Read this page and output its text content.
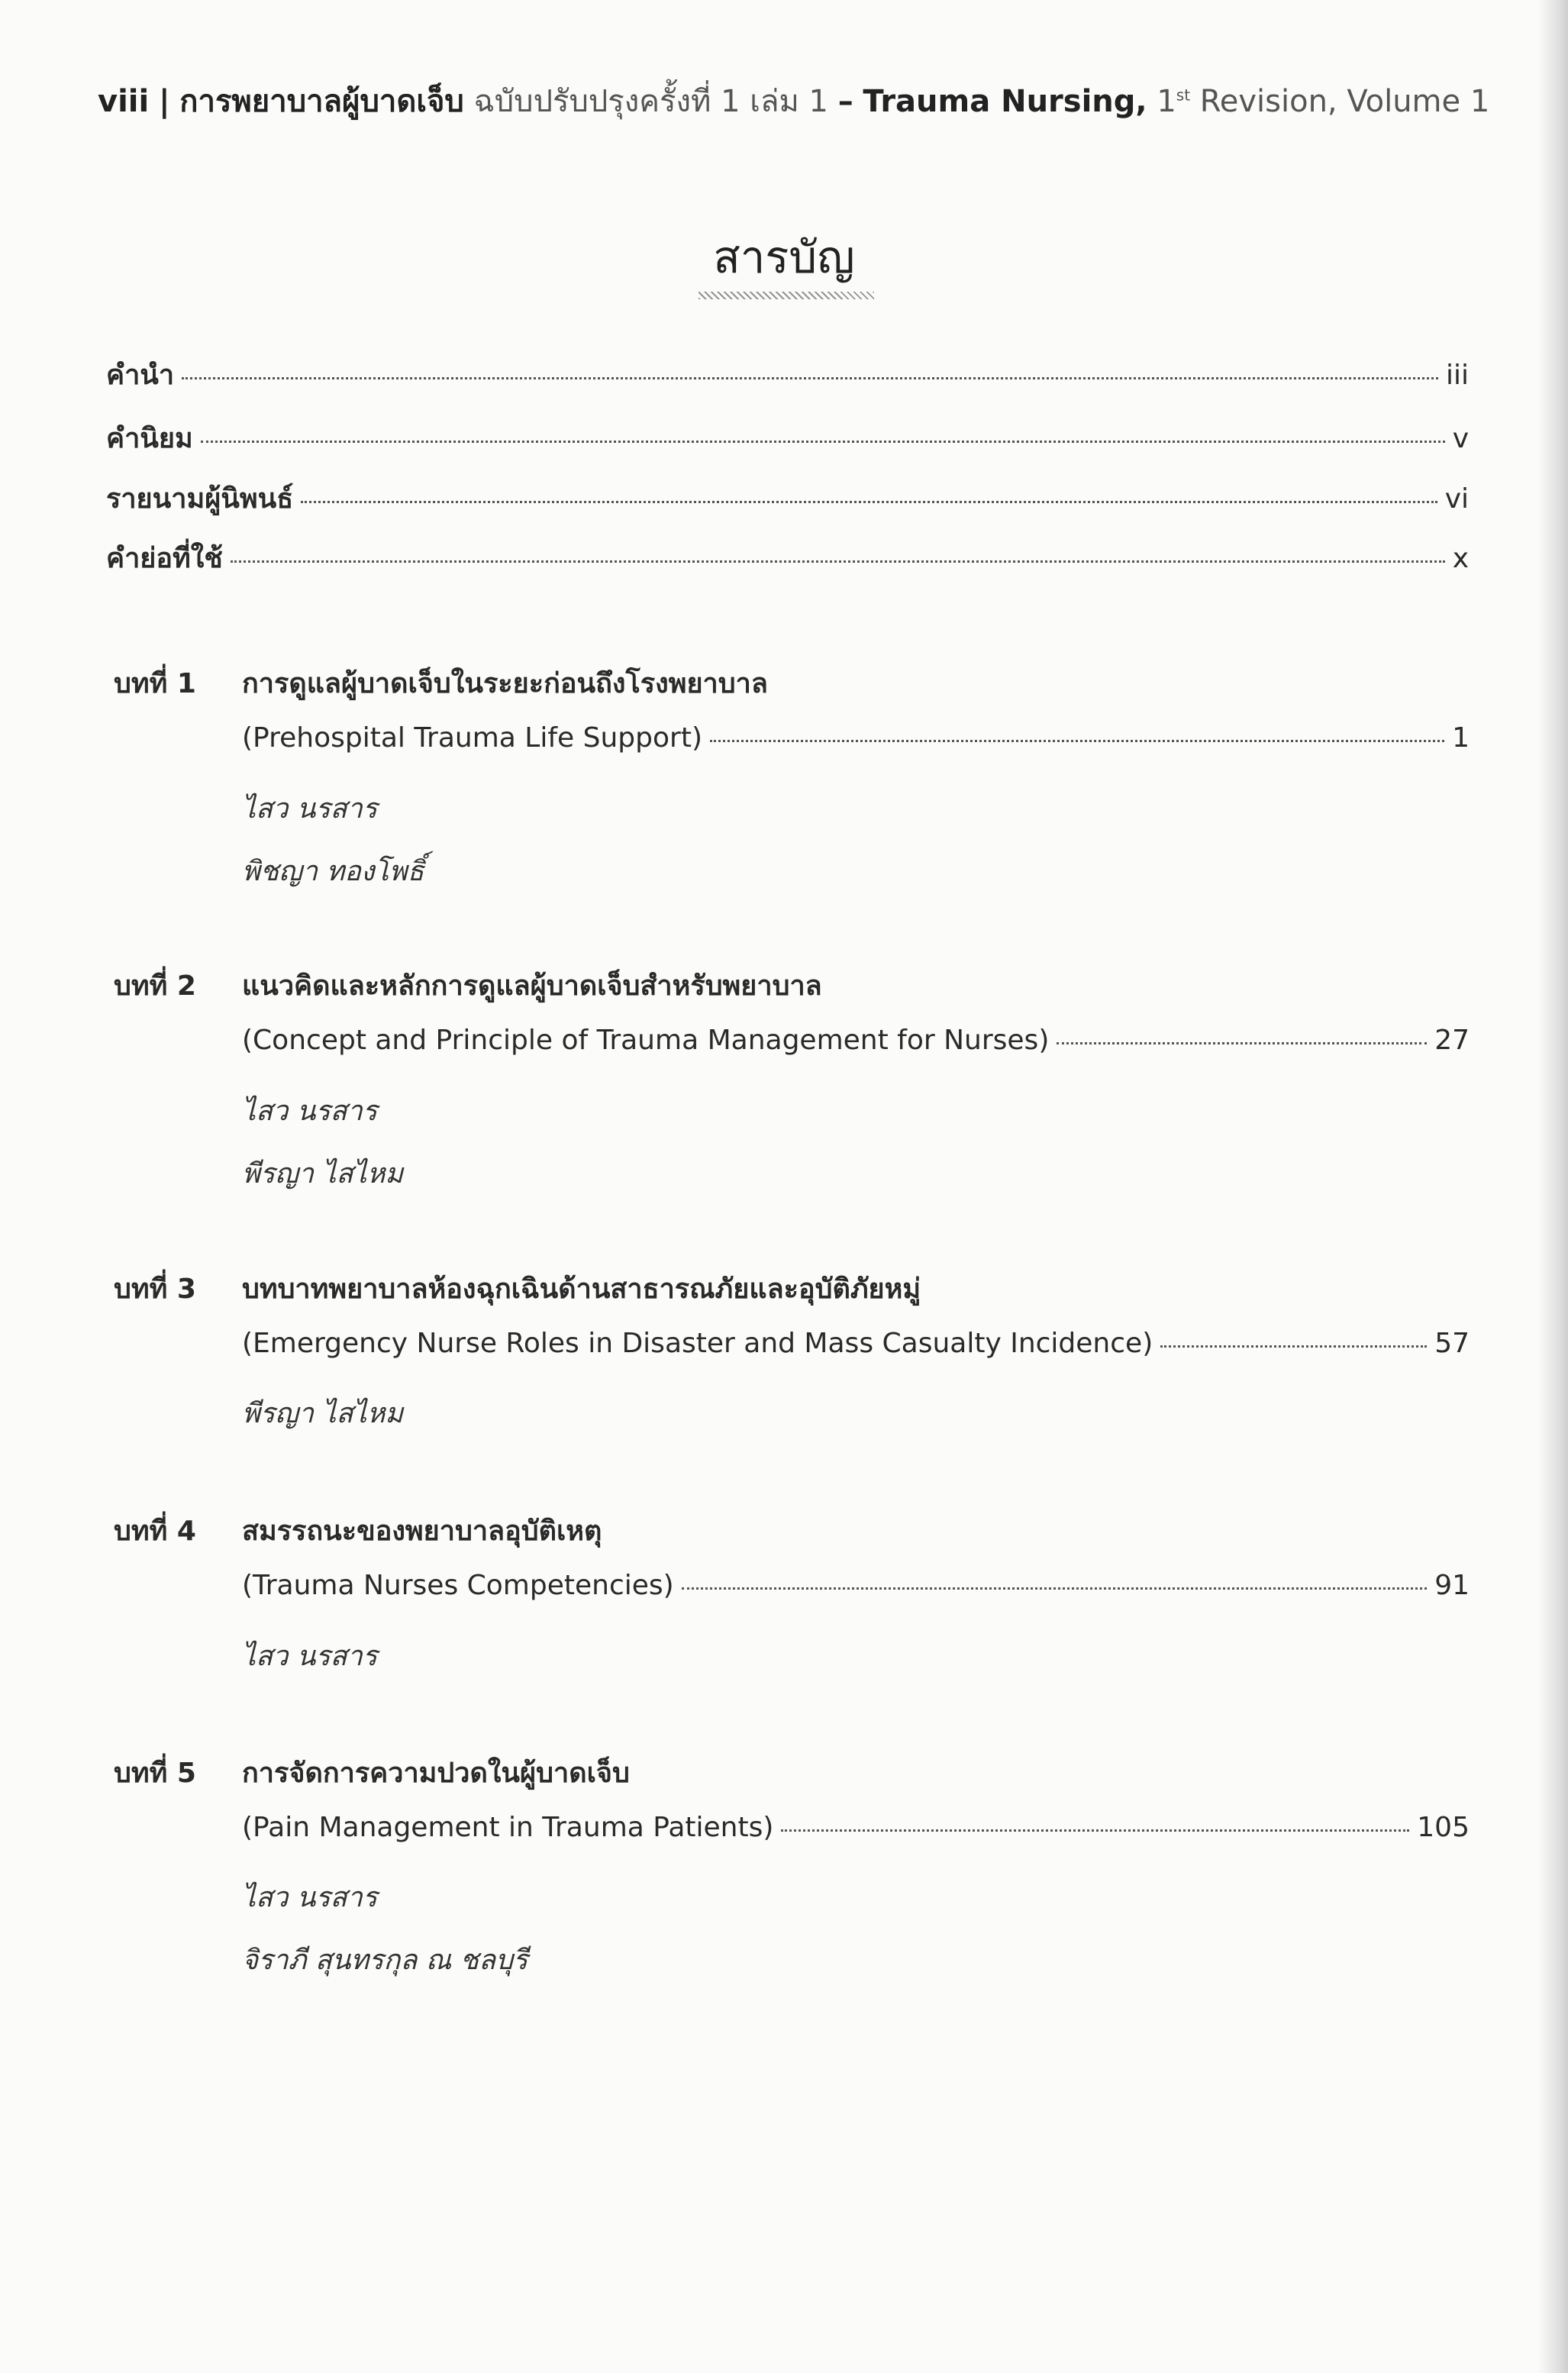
viii | การพยาบาลผู้บาดเจ็บ ฉบับปรับปรุงครั้งที่ 1 เล่ม 1 – Trauma Nursing, 1st Revision, Volume 1
สารบัญ
คำนำ	iii
คำนิยม	v
รายนามผู้นิพนธ์	vi
คำย่อที่ใช้	x
บทที่ 1 การดูแลผู้บาดเจ็บในระยะก่อนถึงโรงพยาบาล
(Prehospital Trauma Life Support)	1
ไสว นรสาร
พิชญา ทองโพธิ์
บทที่ 2 แนวคิดและหลักการดูแลผู้บาดเจ็บสำหรับพยาบาล
(Concept and Principle of Trauma Management for Nurses)	27
ไสว นรสาร
พีรญา ไสไหม
บทที่ 3 บทบาทพยาบาลห้องฉุกเฉินด้านสาธารณภัยและอุบัติภัยหมู่
(Emergency Nurse Roles in Disaster and Mass Casualty Incidence)	57
พีรญา ไสไหม
บทที่ 4 สมรรถนะของพยาบาลอุบัติเหตุ
(Trauma Nurses Competencies)	91
ไสว นรสาร
บทที่ 5 การจัดการความปวดในผู้บาดเจ็บ
(Pain Management in Trauma Patients)	105
ไสว นรสาร
จิราภี สุนทรกุล ณ ชลบุรี
